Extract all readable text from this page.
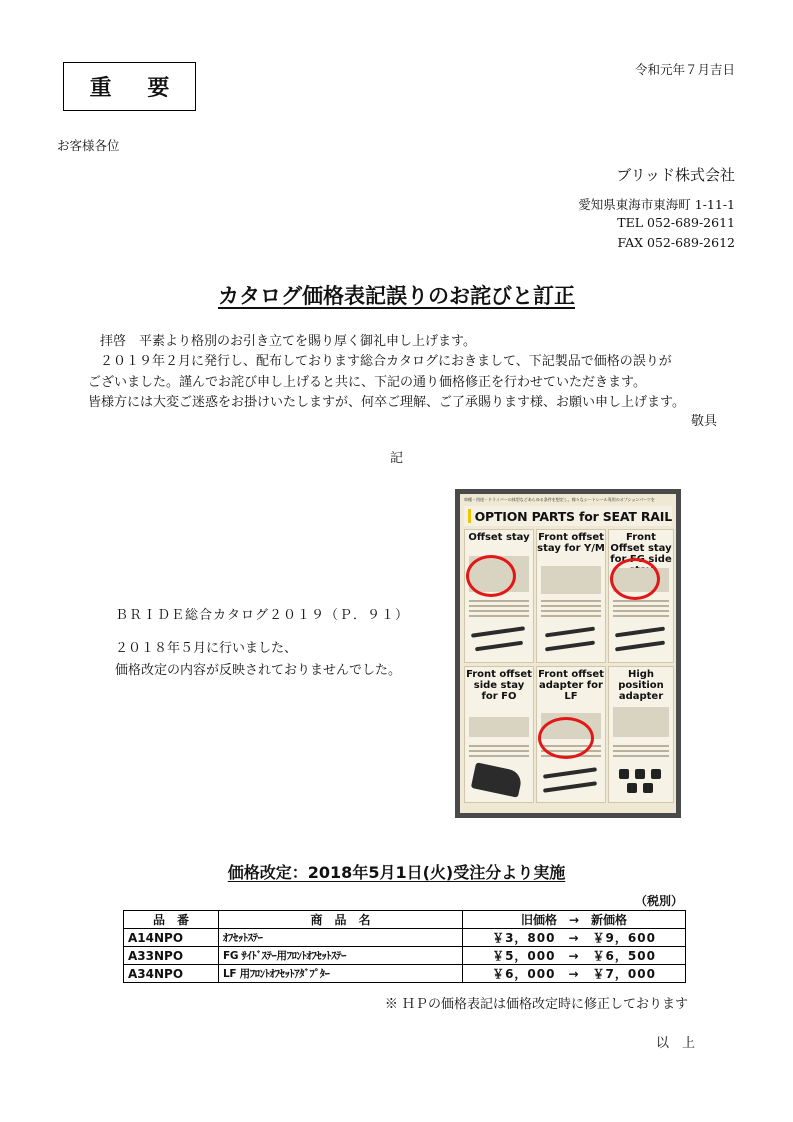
重 要
令和元年７月吉日
お客様各位
ブリッド株式会社
愛知県東海市東海町 1-11-1
TEL 052-689-2611
FAX 052-689-2612
カタログ価格表記誤りのお詫びと訂正
拝啓　平素より格別のお引き立てを賜り厚く御礼申し上げます。
２０１９年２月に発行し、配布しております総合カタログにおきまして、下記製品で価格の誤りが
ございました。謹んでお詫び申し上げると共に、下記の通り価格修正を行わせていただきます。
皆様方には大変ご迷惑をお掛けいたしますが、何卒ご理解、ご了承賜ります様、お願い申し上げます。
敬具
記
ＢＲＩＤＥ総合カタログ２０１９（Ｐ．９１）
２０１８年５月に行いました、
価格改定の内容が反映されておりませんでした。
車種・用途・ドライバーの体型などあらゆる条件を想定し、様々なシートレール専用のオプションパーツを
OPTION PARTS for SEAT RAIL
Offset stay Front offset stay for Y/M
Front Offset stay for FG side
Front offset side stay for FO
Front offset adapter for LF
High position adapter
価格改定：2018年5月1日(火)受注分より実施
（税別）
品　番	商　品　名	旧価格　→　新価格
A14NPO	ｵﾌｾｯﾄｽﾃｰ	￥3，800　→　￥9，600
A33NPO	FG ｻｲﾄﾞｽﾃｰ用ﾌﾛﾝﾄｵﾌｾｯﾄｽﾃｰ	￥5，000　→　￥6，500
A34NPO	LF 用ﾌﾛﾝﾄｵﾌｾｯﾄｱﾀﾞﾌﾟﾀｰ	￥6，000　→　￥7，000
※ ＨＰの価格表記は価格改定時に修正しております
以　上
